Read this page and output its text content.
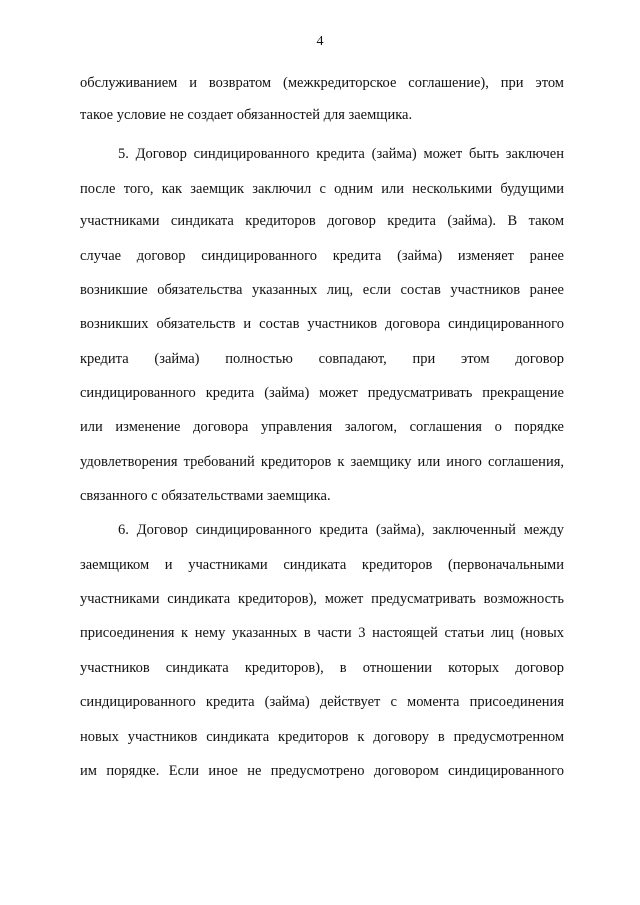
4
обслуживанием и возвратом (межкредиторское соглашение), при этом
такое условие не создает обязанностей для заемщика.
5. Договор синдицированного кредита (займа) может быть заключен
после того, как заемщик заключил с одним или несколькими будущими
участниками синдиката кредиторов договор кредита (займа). В таком
случае договор синдицированного кредита (займа) изменяет ранее
возникшие обязательства указанных лиц, если состав участников ранее
возникших обязательств и состав участников договора синдицированного
кредита (займа) полностью совпадают, при этом договор
синдицированного кредита (займа) может предусматривать прекращение
или изменение договора управления залогом, соглашения о порядке
удовлетворения требований кредиторов к заемщику или иного соглашения,
связанного с обязательствами заемщика.
6. Договор синдицированного кредита (займа), заключенный между
заемщиком и участниками синдиката кредиторов (первоначальными
участниками синдиката кредиторов), может предусматривать возможность
присоединения к нему указанных в части 3 настоящей статьи лиц (новых
участников синдиката кредиторов), в отношении которых договор
синдицированного кредита (займа) действует с момента присоединения
новых участников синдиката кредиторов к договору в предусмотренном
им порядке. Если иное не предусмотрено договором синдицированного
